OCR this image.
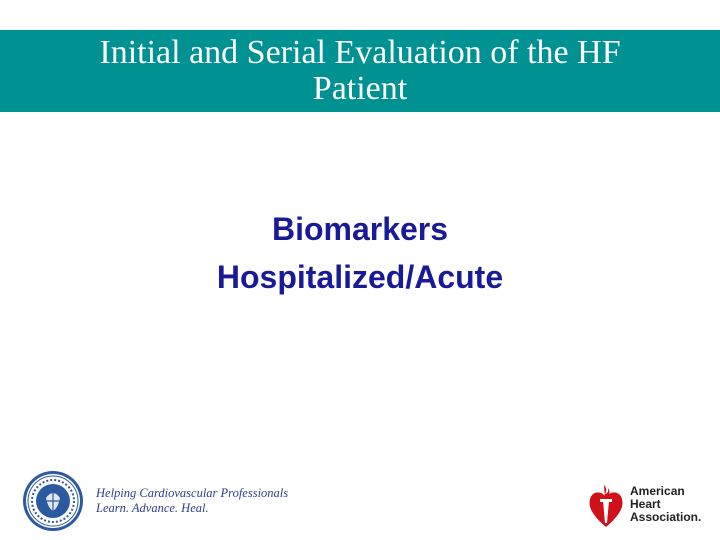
Initial and Serial Evaluation of the HF
Patient
Biomarkers
Hospitalized/Acute
Helping Cardiovascular Professionals
Learn. Advance. Heal.
American
Heart
Association.
